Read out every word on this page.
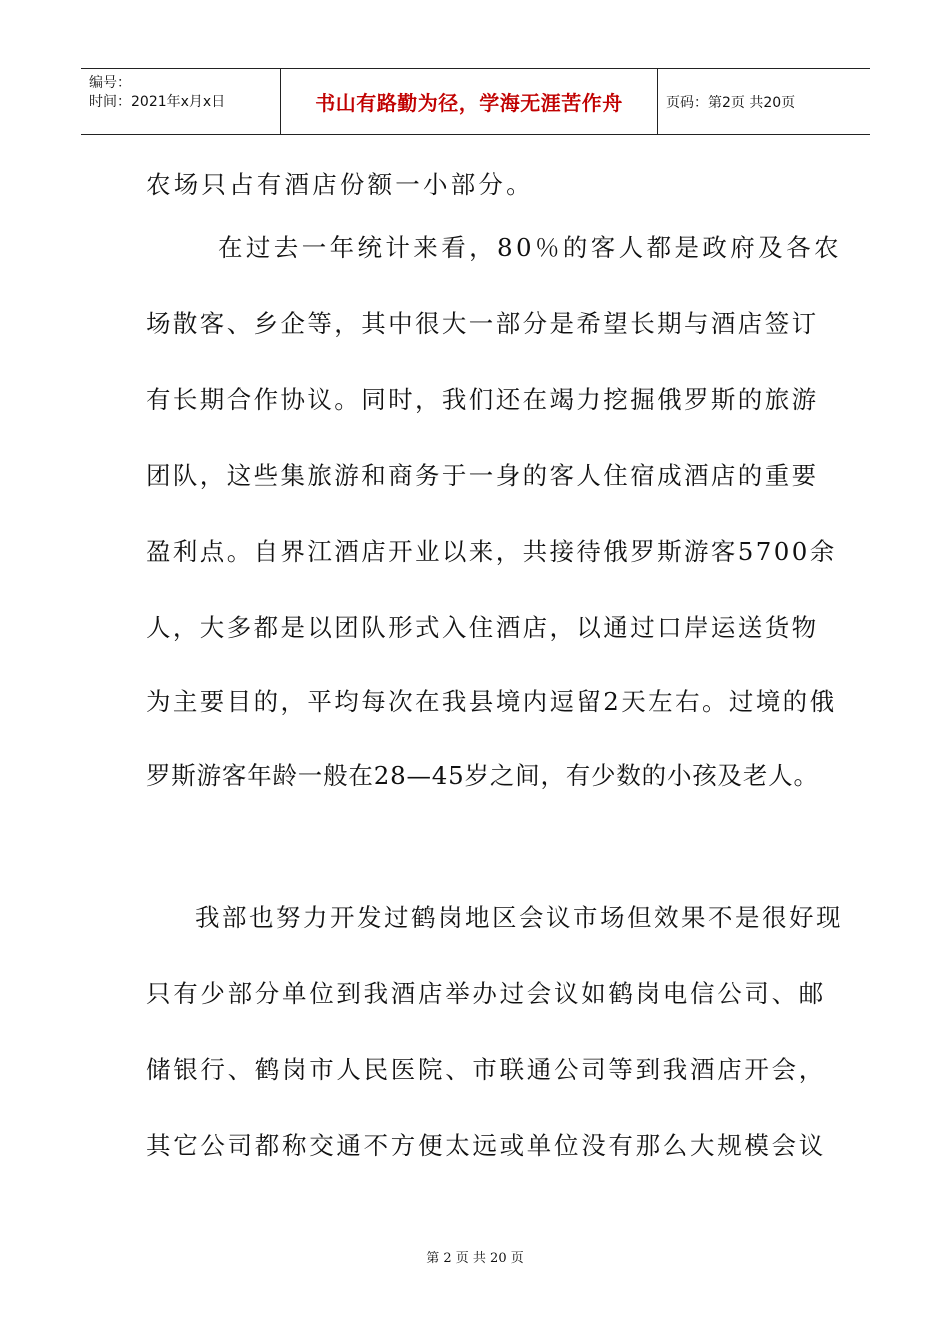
编号：
时间：2021年x月x日	书山有路勤为径，学海无涯苦作舟	页码：第2页 共20页
农场只占有酒店份额一小部分。
在过去一年统计来看，80％的客人都是政府及各农
场散客、乡企等，其中很大一部分是希望长期与酒店签订
有长期合作协议。同时，我们还在竭力挖掘俄罗斯的旅游
团队，这些集旅游和商务于一身的客人住宿成酒店的重要
盈利点。自界江酒店开业以来，共接待俄罗斯游客5700余
人，大多都是以团队形式入住酒店，以通过口岸运送货物
为主要目的，平均每次在我县境内逗留2天左右。过境的俄
罗斯游客年龄一般在28—45岁之间，有少数的小孩及老人。
我部也努力开发过鹤岗地区会议市场但效果不是很好现
只有少部分单位到我酒店举办过会议如鹤岗电信公司、邮
储银行、鹤岗市人民医院、市联通公司等到我酒店开会，
其它公司都称交通不方便太远或单位没有那么大规模会议
第 2 页 共 20 页
